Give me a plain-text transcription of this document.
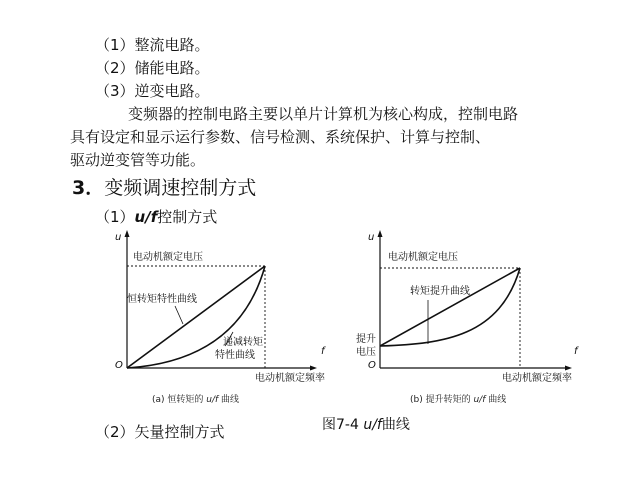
（1）整流电路。
（2）储能电路。
（3）逆变电路。
变频器的控制电路主要以单片计算机为核心构成，控制电路
具有设定和显示运行参数、信号检测、系统保护、计算与控制、
驱动逆变管等功能。
3．变频调速控制方式
（1）u/f控制方式
u
f
O
电动机额定电压
电动机额定频率
恒转矩特性曲线
递减转矩
特性曲线
(a) 恒转矩的 u/f 曲线
u
f
O
电动机额定电压
电动机额定频率
转矩提升曲线
提升
电压
(b) 提升转矩的 u/f 曲线
（2）矢量控制方式	图7-4 u/f曲线
